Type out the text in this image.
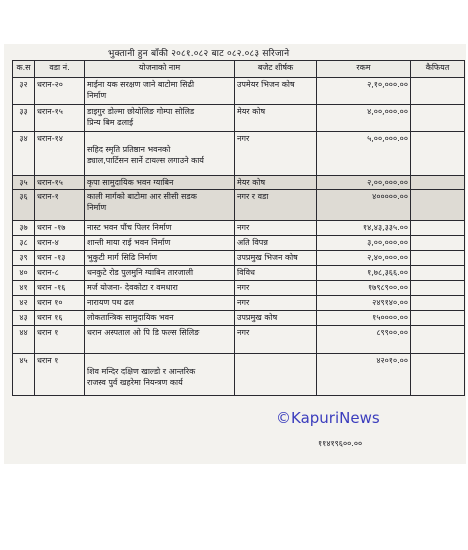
भुक्तानी हुन बाँकी २०८१.०८२ बाट ०८२.०८३ सरिजाने
क.स	वडा नं.	योजनाको नाम	बजेट शीर्षक	रकम	कैफियत
३२	धरान-२०	माईना यक सरक्षण जाने बाटोमा सिढी
निर्माण	उपमेयर भिजन कोष	२,१०,०००.००	
३३	धरान-१५	डाइगुर डोल्मा छोयोलिङ गोम्पा सोलिड
प्रिन्य बिम ढलाई	मेयर कोष	४,००,०००.००	
३४	धरान-१४	सहिद स्मृति प्रतिष्ठान भवनको
ड्याल,पार्टिसन सार्ने टायल्स लगाउने कार्य	नगर	५,००,०००.००	
३५	धरान-१५	कृपा सामुदायिक भवन ग्याबिन	मेयर कोष	२,००,०००.००	
३६	धरान-१	काली मार्गको बाटोमा आर सीसी सडक
निर्माण	नगर र वडा	४०००००.००	
३७	धरान -१७	नास्ट भवन पौंच पिलर निर्माण	नगर	१४,४३,३३५.००	
३८	धरान-४	शान्ती माया राई भवन निर्माण	अति विपन्न	३,००,०००.००	
३९	धरान -१३	भुकुटी मार्ग सिढि निर्माण	उपप्रमुख भिजन कोष	२,४०,०००.००	
४०	धरान-८	धनकुटे रोड पुलमुनि ग्याबिन तारजाली	विविध	१,७८,३६६.००	
४१	धरान -१६	मर्ज योजना- देवकोटा र वमधारा	नगर	१७९८९००.००	
४२	धरान १०	नारायण पथ ढल	नगर	२४९१४०.००	
४३	धरान १६	लोकतान्त्रिक सामुदायिक भवन	उपप्रमुख कोष	१५००००.००	
४४	धरान १	धरान अस्पताल ओ पि डि फल्स सिलिङ	नगर	८९९००.००	
४५	धरान १	शिव मन्दिर दक्षिण खाल्डो र आन्तरिक
राजस्व पुर्व खहरेमा नियन्त्रण कार्य		४२०१०.००	
११४१९६००.००
©KapuriNews
